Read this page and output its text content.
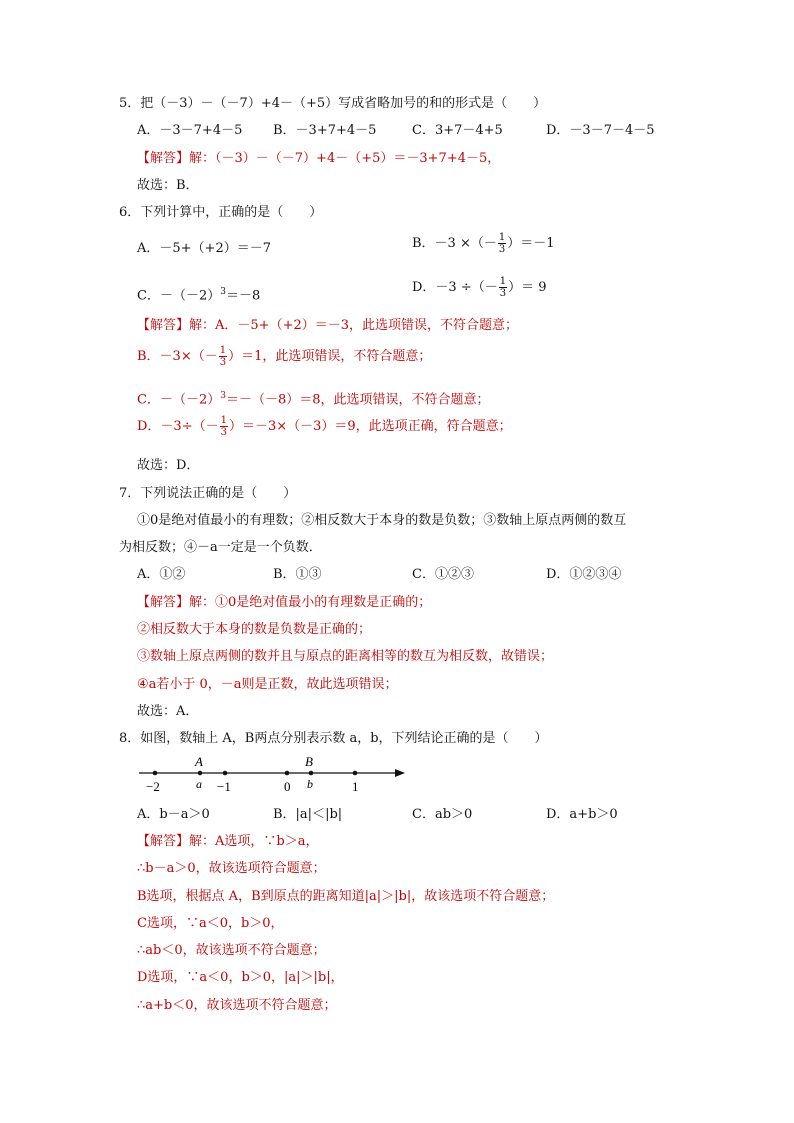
5．把（－3）－（－7）+4－（+5）写成省略加号的和的形式是（　　）
A．－3－7+4－5 B．－3+7+4－5	C．3+7－4+5	D．－3－7－4－5
【解答】解：（－3）－（－7）+4－（+5）＝－3+7+4－5，
故选：B．
6．下列计算中，正确的是（　　）
A．－5+（+2）＝－7	B．－3 ×（－ $\frac{1}{3} )=-1$
C．$-(-2)^3=-8$
D．－3 ÷（－ $\frac{1}{3}$ ）＝ 9
【解答】解：A．－5+（+2）＝－3，此选项错误，不符合题意；
B．$-3\times(- \frac{1}{3} )=1$，此选项错误，不符合题意；
C．$-(-2)^3=-(-8)=8$，此选项错误，不符合题意；
D．$-3\div(- \frac{1}{3} )=-3\times(-3)=9$，此选项正确，符合题意；
故选：D．
7．下列说法正确的是（　　）
①0是绝对值最小的有理数；②相反数大于本身的数是负数；③数轴上原点两侧的数互
为相反数；④－a一定是一个负数．
A．①②	B．①③	C．①②③	D．①②③④
【解答】解：①0是绝对值最小的有理数是正确的；
②相反数大于本身的数是负数是正确的；
③数轴上原点两侧的数并且与原点的距离相等的数互为相反数，故错误；
④a若小于 0，－a则是正数，故此选项错误；
故选：A．
8．如图，数轴上 A，B两点分别表示数 a，b，下列结论正确的是（　　）
A	B
a	b
−2	−1	0	1
A．b－a＞0	B．|a|＜|b|	C．ab＞0	D．a+b＞0
【解答】解：A选项，∵b＞a，
∴b－a＞0，故该选项符合题意；
B选项，根据点 A，B到原点的距离知道|a|＞|b|，故该选项不符合题意；
C选项，∵a＜0，b＞0，
∴ab＜0，故该选项不符合题意；
D选项，∵a＜0，b＞0，|a|＞|b|，
∴a+b＜0，故该选项不符合题意；
